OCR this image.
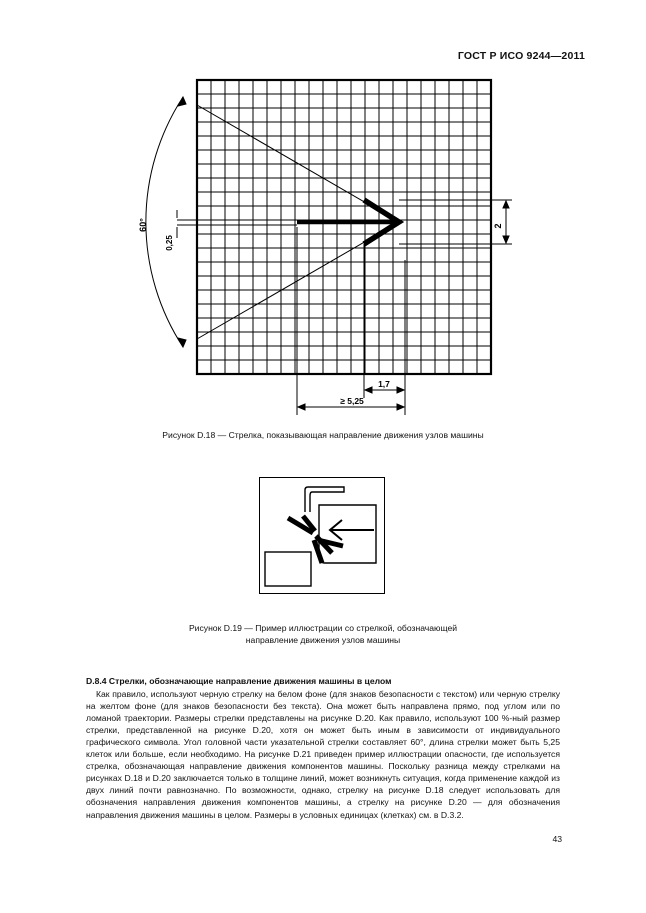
ГОСТ Р ИСО 9244—2011
60°
0,25
2
1,7
≥ 5,25
Рисунок D.18 — Стрелка, показывающая направление движения узлов машины
Рисунок D.19 — Пример иллюстрации со стрелкой, обозначающей
направление движения узлов машины
D.8.4 Стрелки, обозначающие направление движения машины в целом

Как правило, используют черную стрелку на белом фоне (для знаков безопасности с текстом) или черную стрелку на желтом фоне (для знаков безопасности без текста). Она может быть направлена прямо, под углом или по ломаной траектории. Размеры стрелки представлены на рисунке D.20. Как правило, используют 100 %-ный размер стрелки, представленной на рисунке D.20, хотя он может быть иным в зависимости от индивидуального графического символа. Угол головной части указательной стрелки составляет 60°, длина стрелки может быть 5,25 клеток или больше, если необходимо. На рисунке D.21 приведен пример иллюстрации опасности, где используется стрелка, обозначающая направление движения компонентов машины. Поскольку разница между стрелками на рисунках D.18 и D.20 заключается только в толщине линий, может возникнуть ситуация, когда применение каждой из двух линий почти равнозначно. По возможности, однако, стрелку на рисунке D.18 следует использовать для обозначения направления движения компонентов машины, а стрелку на рисунке D.20 — для обозначения направления движения машины в целом. Размеры в условных единицах (клетках) см. в D.3.2.

43
